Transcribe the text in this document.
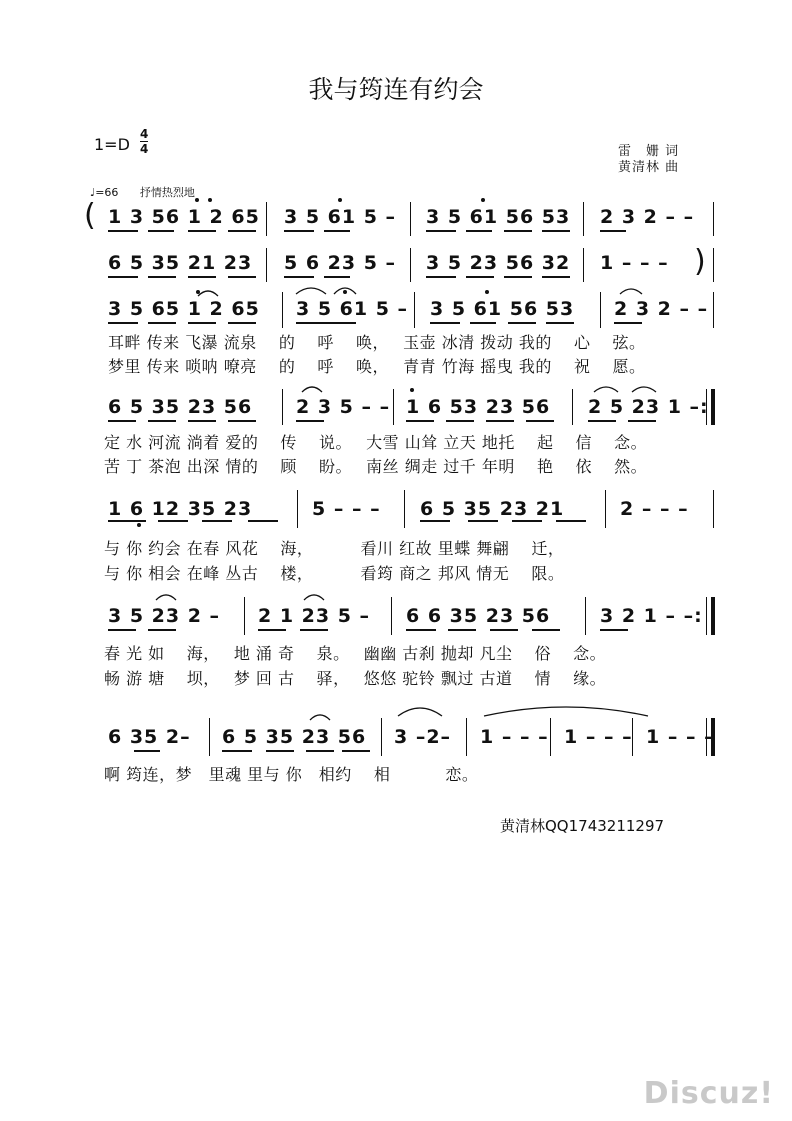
我与筠连有约会
1=D
4
4	雷　姗 词
黄清林 曲
♩=66 抒情热烈地
( 1 3 56 1 2 65 3 5 61 5 – 3 5 61 56 53 2 3 2 – –
6 5 35 21 23 5 6 23 5 – 3 5 23 56 32 1 – – – )
3 5 65 1 2 65 3 5 61 5 – 3 5 61 56 53 2 3 2 – –
耳畔 传来 飞瀑 流泉　 的　 呼　 唤，　 玉壶 冰清 拨动 我的　 心　 弦。
梦里 传来 唢呐 嘹亮　 的　 呼　 唤，　 青青 竹海 摇曳 我的　 祝　 愿。
6 5 35 23 56 2 3 5 – – 1 6 53 23 56 2 5 23 1 –:
定 水 河流 淌着 爱的　 传　 说。　 大雪 山耸 立天 地托　 起　 信　 念。
苦 丁 茶泡 出深 情的　 顾　 盼。　 南丝 绸走 过千 年明　 艳　 依　 然。
1 6 12 35 23	5 – – – 6 5 35 23 21	2 – – –
与 你 约会 在春 风花　 海，　　　 看川 红故 里蝶 舞翩　 迁，
与 你 相会 在峰 丛古　 楼，　　　 看筠 商之 邦风 情无　 限。
3 5 23 2 – 2 1 23 5 – 6 6 35 23 56	3 2 1 – –:
春 光 如　 海，　 地 涌 奇　 泉。　 幽幽 古刹 抛却 凡尘　 俗　 念。
畅 游 塘　 坝，　 梦 回 古　 驿，　 悠悠 驼铃 飘过 古道　 情　 缘。
6 35 2– 6 5 35 23 56 3 –2– 1 – – – 1 – – – 1 – – –
啊 筠连，梦　里魂 里与 你　相约　 相　　　 恋。
黄清林QQ1743211297
Discuz!
